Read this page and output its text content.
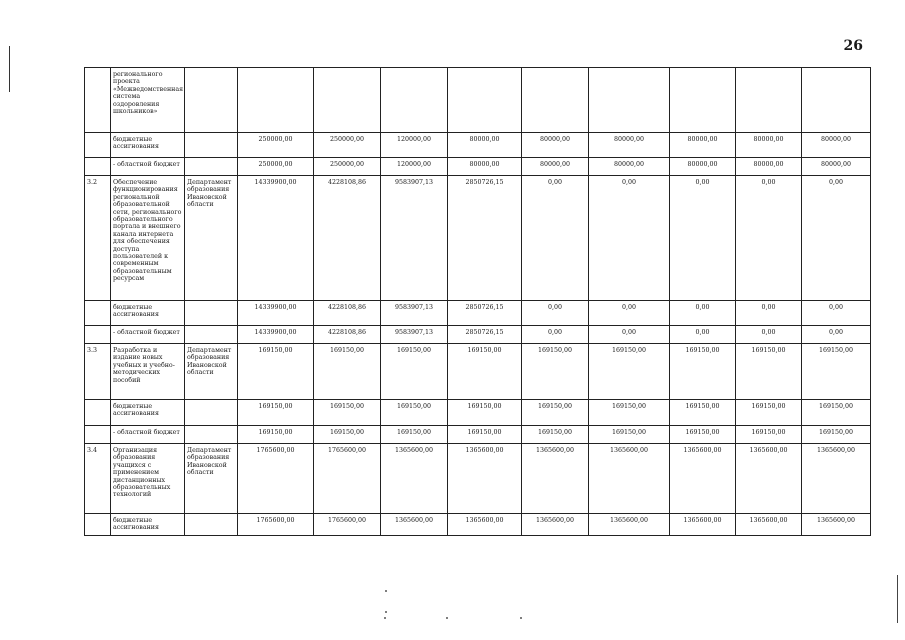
26
	регионального проекта «Межведомственная система оздоровления школьников»										
	бюджетные ассигнования		250000,00	250000,00	120000,00	80000,00	80000,00	80000,00	80000,00	80000,00	80000,00
	- областной бюджет		250000,00	250000,00	120000,00	80000,00	80000,00	80000,00	80000,00	80000,00	80000,00
3.2	Обеспечение функционирования региональной образовательной сети, регионального образовательного портала и внешнего канала интернета для обеспечения доступа пользователей к современным образовательным ресурсам	Департамент образования Ивановской области	14339900,00	4228108,86	9583907,13	2850726,15	0,00	0,00	0,00	0,00	0,00
	бюджетные ассигнования		14339900,00	4228108,86	9583907,13	2850726,15	0,00	0,00	0,00	0,00	0,00
	- областной бюджет		14339900,00	4228108,86	9583907,13	2850726,15	0,00	0,00	0,00	0,00	0,00
3.3	Разработка и издание новых учебных и учебно-методических пособий	Департамент образования Ивановской области	169150,00	169150,00	169150,00	169150,00	169150,00	169150,00	169150,00	169150,00	169150,00
	бюджетные ассигнования		169150,00	169150,00	169150,00	169150,00	169150,00	169150,00	169150,00	169150,00	169150,00
	- областной бюджет		169150,00	169150,00	169150,00	169150,00	169150,00	169150,00	169150,00	169150,00	169150,00
3.4	Организация образования учащихся с применением дистанционных образовательных технологий	Департамент образования Ивановской области	1765600,00	1765600,00	1365600,00	1365600,00	1365600,00	1365600,00	1365600,00	1365600,00	1365600,00
	бюджетные ассигнования		1765600,00	1765600,00	1365600,00	1365600,00	1365600,00	1365600,00	1365600,00	1365600,00	1365600,00
